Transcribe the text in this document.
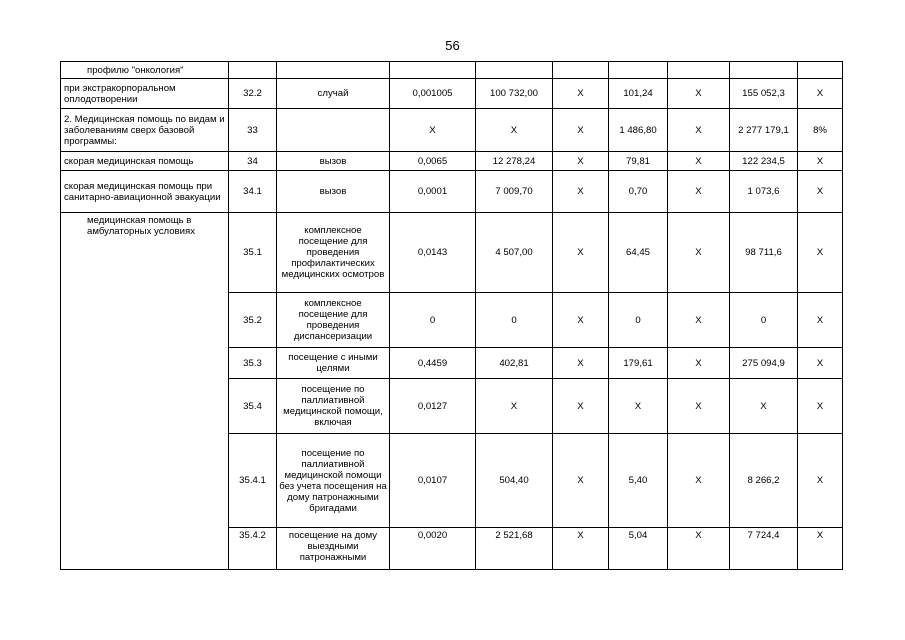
56
профилю "онкология"									
при экстракорпоральном оплодотворении	32.2	случай	0,001005	100 732,00	Х	101,24	Х	155 052,3	Х
2. Медицинская помощь по видам и заболеваниям сверх базовой программы:	33		Х	Х	Х	1 486,80	Х	2 277 179,1	8%
скорая медицинская помощь	34	вызов	0,0065	12 278,24	Х	79,81	Х	122 234,5	Х
скорая медицинская помощь при санитарно-авиационной эвакуации	34.1	вызов	0,0001	7 009,70	Х	0,70	Х	1 073,6	Х
медицинская помощь в амбулаторных условиях	35.1	комплексное посещение для проведения профилактических медицинских осмотров	0,0143	4 507,00	Х	64,45	Х	98 711,6	Х
	35.2	комплексное посещение для проведения диспансеризации	0	0	Х	0	Х	0	Х
	35.3	посещение с иными целями	0,4459	402,81	Х	179,61	Х	275 094,9	Х
	35.4	посещение по паллиативной медицинской помощи, включая	0,0127	Х	Х	Х	Х	Х	Х
	35.4.1	посещение по паллиативной медицинской помощи без учета посещения на дому патронажными бригадами	0,0107	504,40	Х	5,40	Х	8 266,2	Х
	35.4.2	посещение на дому выездными патронажными	0,0020	2 521,68	Х	5,04	Х	7 724,4	Х
